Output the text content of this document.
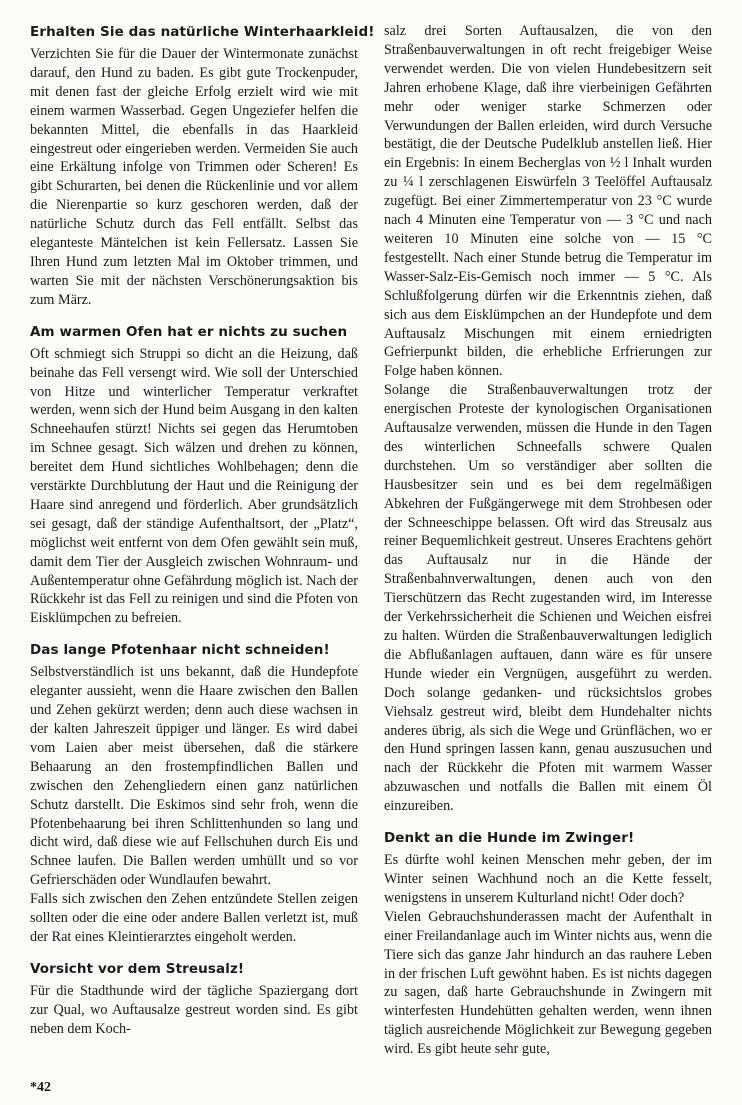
Erhalten Sie das natürliche Winterhaarkleid!

Verzichten Sie für die Dauer der Wintermonate zunächst darauf, den Hund zu baden. Es gibt gute Trockenpuder, mit denen fast der gleiche Erfolg erzielt wird wie mit einem warmen Wasserbad. Gegen Ungeziefer helfen die bekannten Mittel, die ebenfalls in das Haarkleid eingestreut oder eingerieben werden. Vermeiden Sie auch eine Erkältung infolge von Trimmen oder Scheren! Es gibt Schurarten, bei denen die Rückenlinie und vor allem die Nierenpartie so kurz geschoren werden, daß der natürliche Schutz durch das Fell entfällt. Selbst das eleganteste Mäntelchen ist kein Fellersatz. Lassen Sie Ihren Hund zum letzten Mal im Oktober trimmen, und warten Sie mit der nächsten Verschönerungsaktion bis zum März.

Am warmen Ofen hat er nichts zu suchen

Oft schmiegt sich Struppi so dicht an die Heizung, daß beinahe das Fell versengt wird. Wie soll der Unterschied von Hitze und winterlicher Temperatur verkraftet werden, wenn sich der Hund beim Ausgang in den kalten Schneehaufen stürzt! Nichts sei gegen das Herumtoben im Schnee gesagt. Sich wälzen und drehen zu können, bereitet dem Hund sichtliches Wohlbehagen; denn die verstärkte Durchblutung der Haut und die Reinigung der Haare sind anregend und förderlich. Aber grundsätzlich sei gesagt, daß der ständige Aufenthaltsort, der „Platz“, möglichst weit entfernt von dem Ofen gewählt sein muß, damit dem Tier der Ausgleich zwischen Wohnraum- und Außentemperatur ohne Gefährdung möglich ist. Nach der Rückkehr ist das Fell zu reinigen und sind die Pfoten von Eisklümpchen zu befreien.

Das lange Pfotenhaar nicht schneiden!

Selbstverständlich ist uns bekannt, daß die Hundepfote eleganter aussieht, wenn die Haare zwischen den Ballen und Zehen gekürzt werden; denn auch diese wachsen in der kalten Jahreszeit üppiger und länger. Es wird dabei vom Laien aber meist übersehen, daß die stärkere Behaarung an den frostempfindlichen Ballen und zwischen den Zehengliedern einen ganz natürlichen Schutz darstellt. Die Eskimos sind sehr froh, wenn die Pfotenbehaarung bei ihren Schlittenhunden so lang und dicht wird, daß diese wie auf Fellschuhen durch Eis und Schnee laufen. Die Ballen werden umhüllt und so vor Gefrierschäden oder Wundlaufen bewahrt.

Falls sich zwischen den Zehen entzündete Stellen zeigen sollten oder die eine oder andere Ballen verletzt ist, muß der Rat eines Kleintierarztes eingeholt werden.

Vorsicht vor dem Streusalz!

Für die Stadthunde wird der tägliche Spaziergang dort zur Qual, wo Auftausalze gestreut worden sind. Es gibt neben dem Koch-

salz drei Sorten Auftausalzen, die von den Straßenbauverwaltungen in oft recht freigebiger Weise verwendet werden. Die von vielen Hundebesitzern seit Jahren erhobene Klage, daß ihre vierbeinigen Gefährten mehr oder weniger starke Schmerzen oder Verwundungen der Ballen erleiden, wird durch Versuche bestätigt, die der Deutsche Pudelklub anstellen ließ. Hier ein Ergebnis: In einem Becherglas von ½ l Inhalt wurden zu ¼ l zerschlagenen Eiswürfeln 3 Teelöffel Auftausalz zugefügt. Bei einer Zimmertemperatur von 23 °C wurde nach 4 Minuten eine Temperatur von — 3 °C und nach weiteren 10 Minuten eine solche von — 15 °C festgestellt. Nach einer Stunde betrug die Temperatur im Wasser-Salz-Eis-Gemisch noch immer — 5 °C. Als Schlußfolgerung dürfen wir die Erkenntnis ziehen, daß sich aus dem Eisklümpchen an der Hundepfote und dem Auftausalz Mischungen mit einem erniedrigten Gefrierpunkt bilden, die erhebliche Erfrierungen zur Folge haben können.

Solange die Straßenbauverwaltungen trotz der energischen Proteste der kynologischen Organisationen Auftausalze verwenden, müssen die Hunde in den Tagen des winterlichen Schneefalls schwere Qualen durchstehen. Um so verständiger aber sollten die Hausbesitzer sein und es bei dem regelmäßigen Abkehren der Fußgängerwege mit dem Strohbesen oder der Schneeschippe belassen. Oft wird das Streusalz aus reiner Bequemlichkeit gestreut. Unseres Erachtens gehört das Auftausalz nur in die Hände der Straßenbahnverwaltungen, denen auch von den Tierschützern das Recht zugestanden wird, im Interesse der Verkehrssicherheit die Schienen und Weichen eisfrei zu halten. Würden die Straßenbauverwaltungen lediglich die Abflußanlagen auftauen, dann wäre es für unsere Hunde wieder ein Vergnügen, ausgeführt zu werden. Doch solange gedanken- und rücksichtslos grobes Viehsalz gestreut wird, bleibt dem Hundehalter nichts anderes übrig, als sich die Wege und Grünflächen, wo er den Hund springen lassen kann, genau auszusuchen und nach der Rückkehr die Pfoten mit warmem Wasser abzuwaschen und notfalls die Ballen mit einem Öl einzureiben.

Denkt an die Hunde im Zwinger!

Es dürfte wohl keinen Menschen mehr geben, der im Winter seinen Wachhund noch an die Kette fesselt, wenigstens in unserem Kulturland nicht! Oder doch?

Vielen Gebrauchshunderassen macht der Aufenthalt in einer Freilandanlage auch im Winter nichts aus, wenn die Tiere sich das ganze Jahr hindurch an das rauhere Leben in der frischen Luft gewöhnt haben. Es ist nichts dagegen zu sagen, daß harte Gebrauchshunde in Zwingern mit winterfesten Hundehütten gehalten werden, wenn ihnen täglich ausreichende Möglichkeit zur Bewegung gegeben wird. Es gibt heute sehr gute,

*42
